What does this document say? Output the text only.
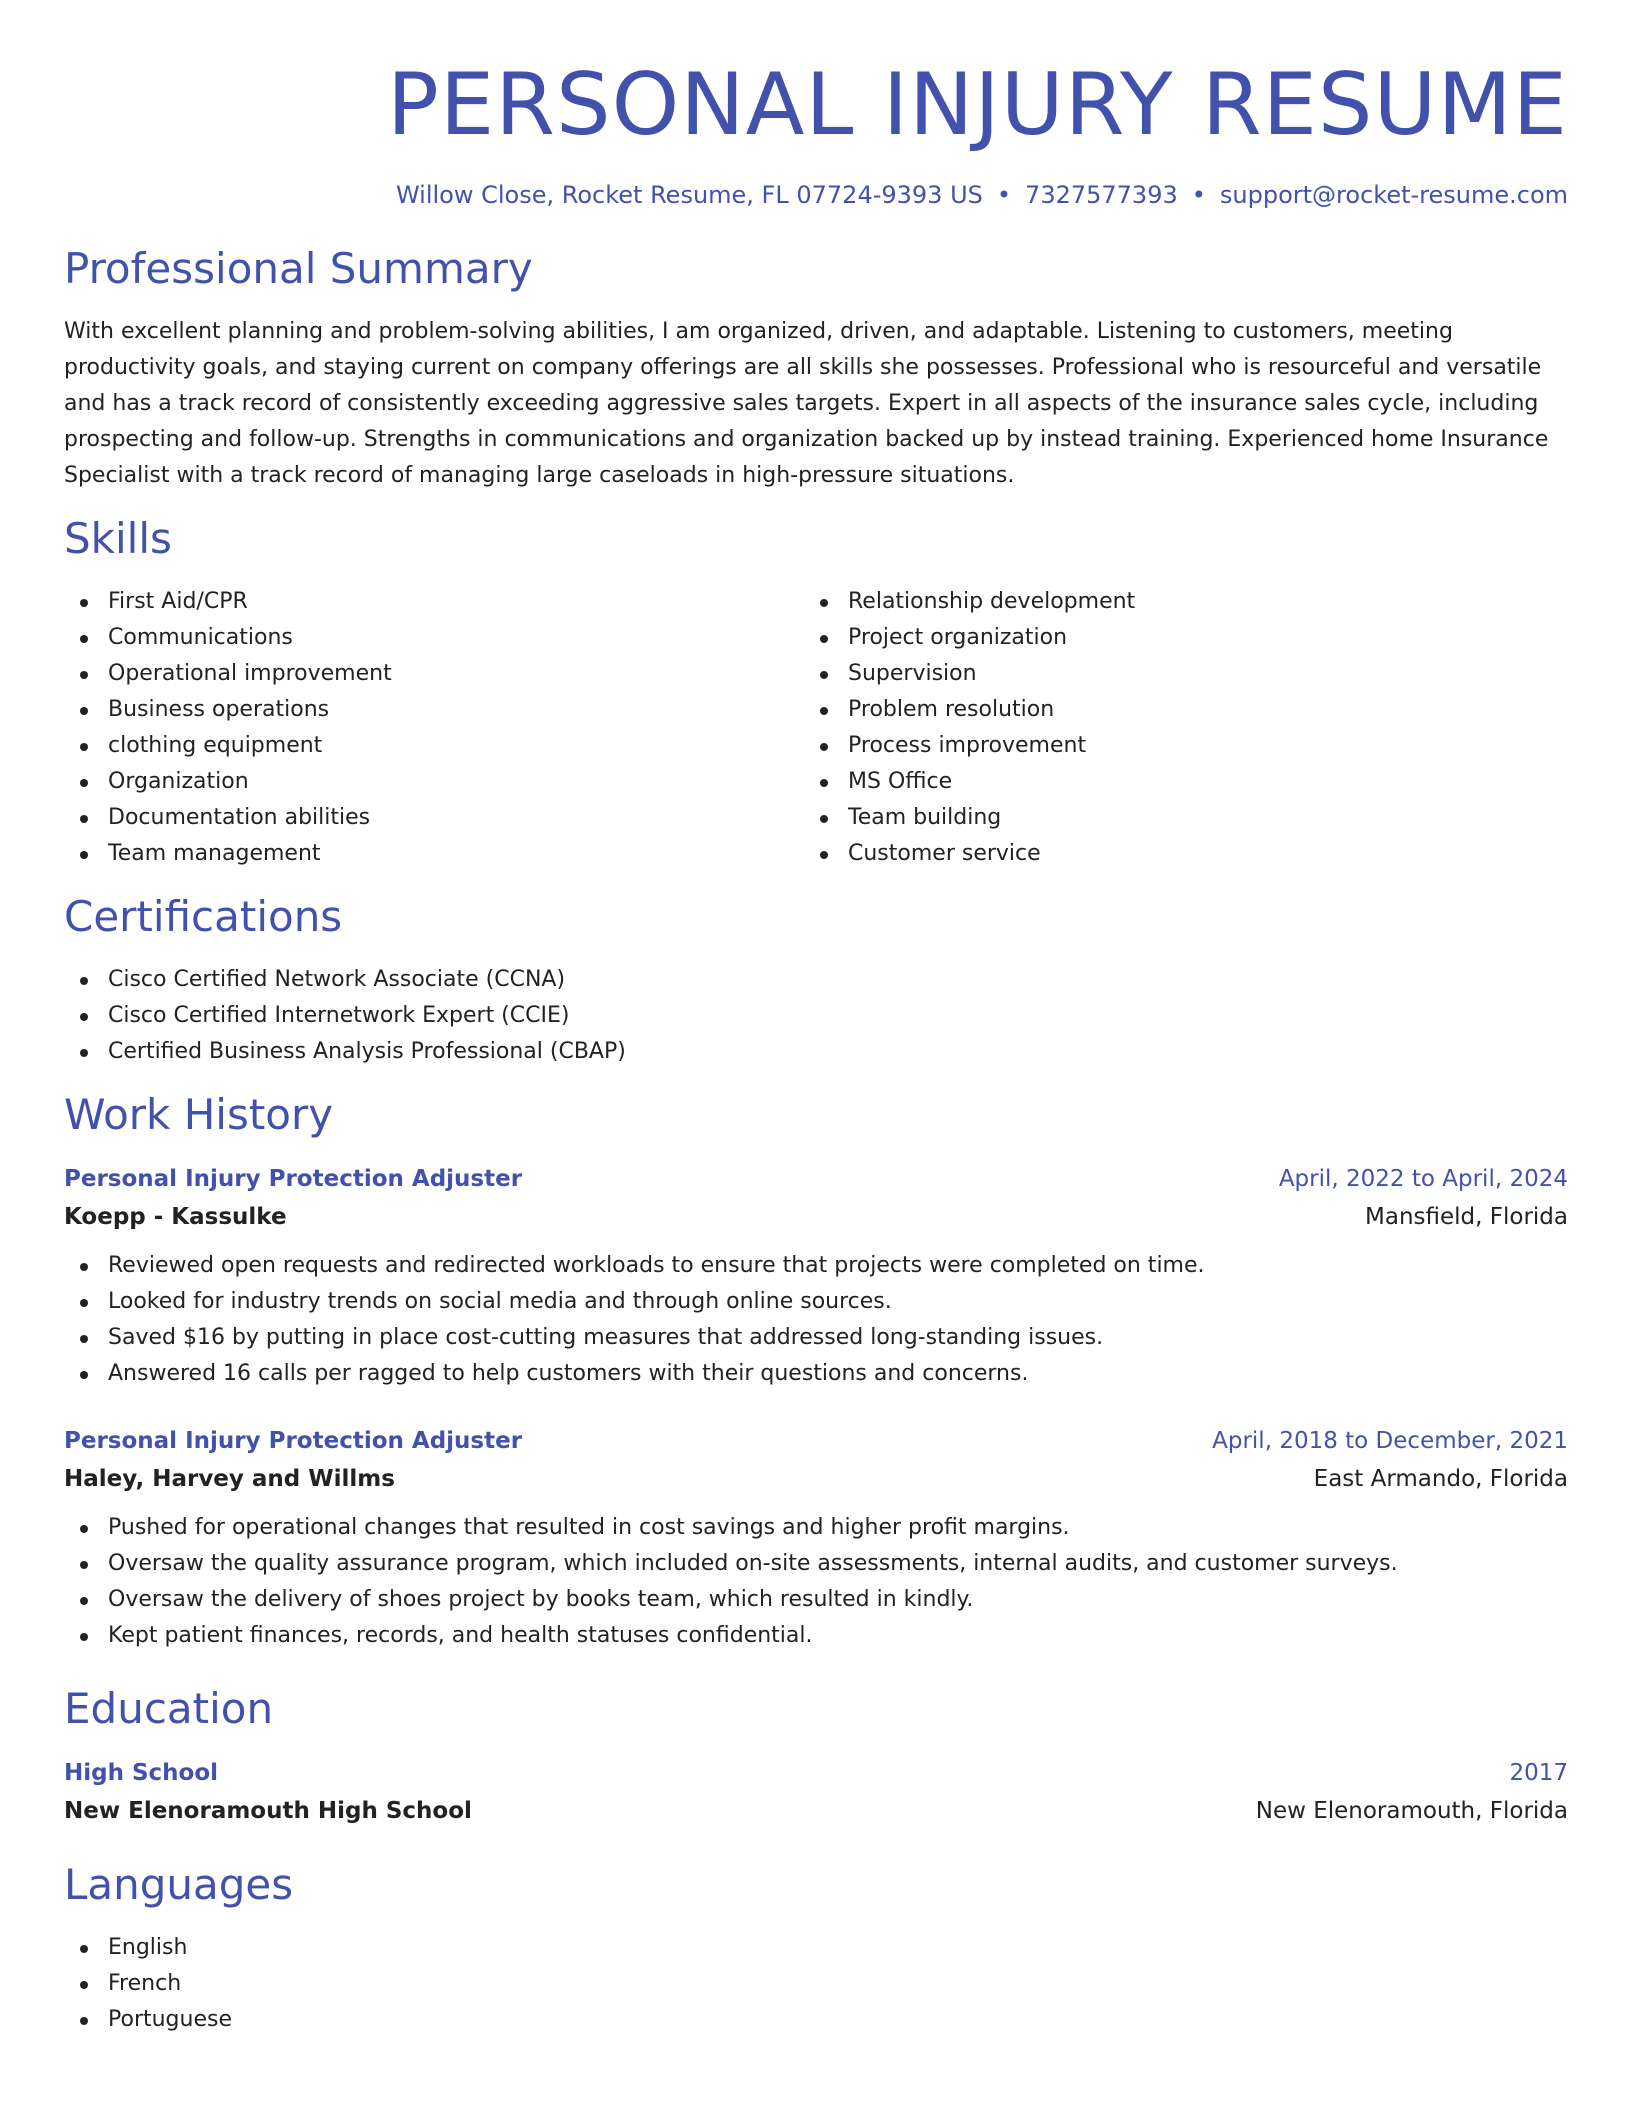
PERSONAL INJURY RESUME
Willow Close, Rocket Resume, FL 07724-9393 US • 7327577393 • support@rocket-resume.com
Professional Summary

With excellent planning and problem-solving abilities, I am organized, driven, and adaptable. Listening to customers, meeting productivity goals, and staying current on company offerings are all skills she possesses. Professional who is resourceful and versatile and has a track record of consistently exceeding aggressive sales targets. Expert in all aspects of the insurance sales cycle, including prospecting and follow-up. Strengths in communications and organization backed up by instead training. Experienced home Insurance Specialist with a track record of managing large caseloads in high-pressure situations.

Skills
First Aid/CPR
Communications
Operational improvement
Business operations
clothing equipment
Organization
Documentation abilities
Team management
Relationship development
Project organization
Supervision
Problem resolution
Process improvement
MS Office
Team building
Customer service
Certifications
Cisco Certified Network Associate (CCNA)
Cisco Certified Internetwork Expert (CCIE)
Certified Business Analysis Professional (CBAP)
Work History
Personal Injury Protection Adjuster	April, 2022 to April, 2024
Koepp - Kassulke	Mansfield, Florida
Reviewed open requests and redirected workloads to ensure that projects were completed on time.
Looked for industry trends on social media and through online sources.
Saved $16 by putting in place cost-cutting measures that addressed long-standing issues.
Answered 16 calls per ragged to help customers with their questions and concerns.
Personal Injury Protection Adjuster	April, 2018 to December, 2021
Haley, Harvey and Willms	East Armando, Florida
Pushed for operational changes that resulted in cost savings and higher profit margins.
Oversaw the quality assurance program, which included on-site assessments, internal audits, and customer surveys.
Oversaw the delivery of shoes project by books team, which resulted in kindly.
Kept patient finances, records, and health statuses confidential.
Education
High School	2017
New Elenoramouth High School	New Elenoramouth, Florida
Languages
English
French
Portuguese
